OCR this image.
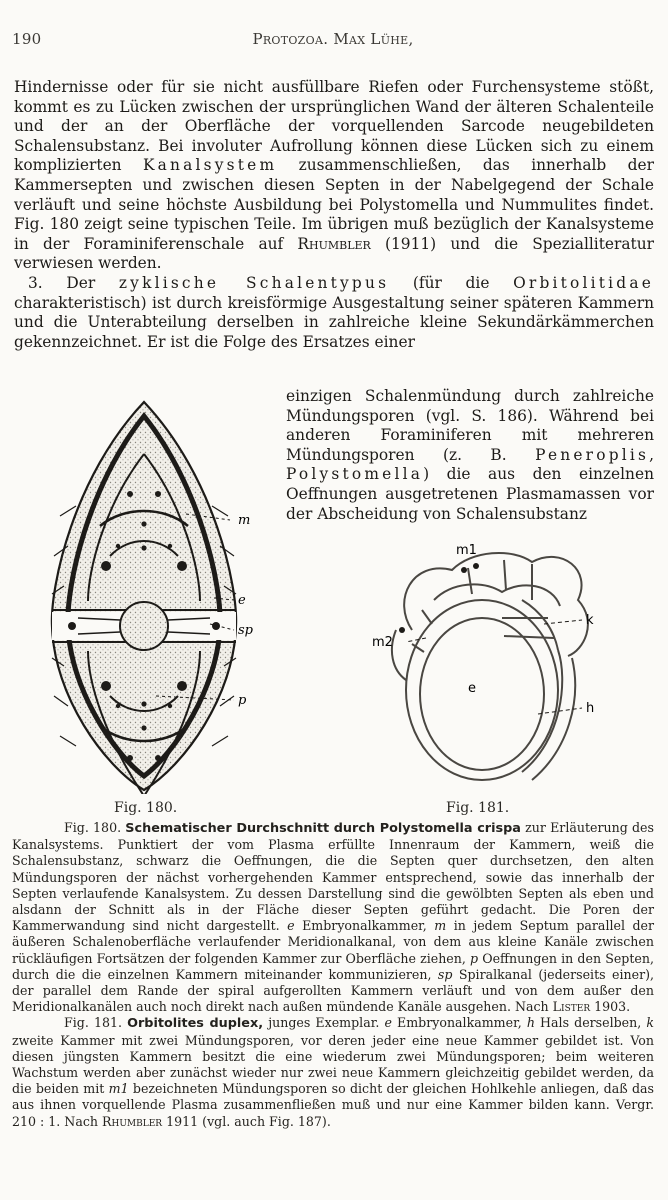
190	Protozoa. Max Lühe,

Hindernisse oder für sie nicht ausfüllbare Riefen oder Furchensysteme stößt, kommt es zu Lücken zwischen der ursprünglichen Wand der älteren Schalenteile und der an der Oberfläche der vorquellenden Sarcode neugebildeten Schalensubstanz. Bei involuter Aufrollung können diese Lücken sich zu einem komplizierten Kanalsystem zusammenschließen, das innerhalb der Kammersepten und zwischen diesen Septen in der Nabelgegend der Schale verläuft und seine höchste Ausbildung bei Polystomella und Nummulites findet. Fig. 180 zeigt seine typischen Teile. Im übrigen muß bezüglich der Kanalsysteme in der Foraminiferenschale auf Rhumbler (1911) und die Spezialliteratur verwiesen werden.

3. Der zyklische Schalentypus (für die Orbitolitidae charakteristisch) ist durch kreisförmige Ausgestaltung seiner späteren Kammern und die Unterabteilung derselben in zahlreiche kleine Sekundärkämmerchen gekennzeichnet. Er ist die Folge des Ersatzes einer

einzigen Schalenmündung durch zahlreiche Mündungsporen (vgl. S. 186). Während bei anderen Foraminiferen mit mehreren Mündungsporen (z. B. Peneroplis, Polystomella) die aus den einzelnen Oeffnungen ausgetretenen Plasmamassen vor der Abscheidung von Schalensubstanz

m
e
sp
p
Fig. 180.
m1
m2
k
e
h
Fig. 181.

Fig. 180. Schematischer Durchschnitt durch Polystomella crispa zur Erläuterung des Kanalsystems. Punktiert der vom Plasma erfüllte Innenraum der Kammern, weiß die Schalensubstanz, schwarz die Oeffnungen, die die Septen quer durchsetzen, den alten Mündungsporen der nächst vorhergehenden Kammer entsprechend, sowie das innerhalb der Septen verlaufende Kanalsystem. Zu dessen Darstellung sind die gewölbten Septen als eben und alsdann der Schnitt als in der Fläche dieser Septen geführt gedacht. Die Poren der Kammerwandung sind nicht dargestellt. e Embryonalkammer, m in jedem Septum parallel der äußeren Schalenoberfläche verlaufender Meridionalkanal, von dem aus kleine Kanäle zwischen rückläufigen Fortsätzen der folgenden Kammer zur Oberfläche ziehen, p Oeffnungen in den Septen, durch die die einzelnen Kammern miteinander kommunizieren, sp Spiralkanal (jederseits einer), der parallel dem Rande der spiral aufgerollten Kammern verläuft und von dem außer den Meridionalkanälen auch noch direkt nach außen mündende Kanäle ausgehen. Nach Lister 1903.

Fig. 181. Orbitolites duplex, junges Exemplar. e Embryonalkammer, h Hals derselben, k zweite Kammer mit zwei Mündungsporen, vor deren jeder eine neue Kammer gebildet ist. Von diesen jüngsten Kammern besitzt die eine wiederum zwei Mündungsporen; beim weiteren Wachstum werden aber zunächst wieder nur zwei neue Kammern gleichzeitig gebildet werden, da die beiden mit m1 bezeichneten Mündungsporen so dicht der gleichen Hohlkehle anliegen, daß das aus ihnen vorquellende Plasma zusammenfließen muß und nur eine Kammer bilden kann. Vergr. 210 : 1. Nach Rhumbler 1911 (vgl. auch Fig. 187).
